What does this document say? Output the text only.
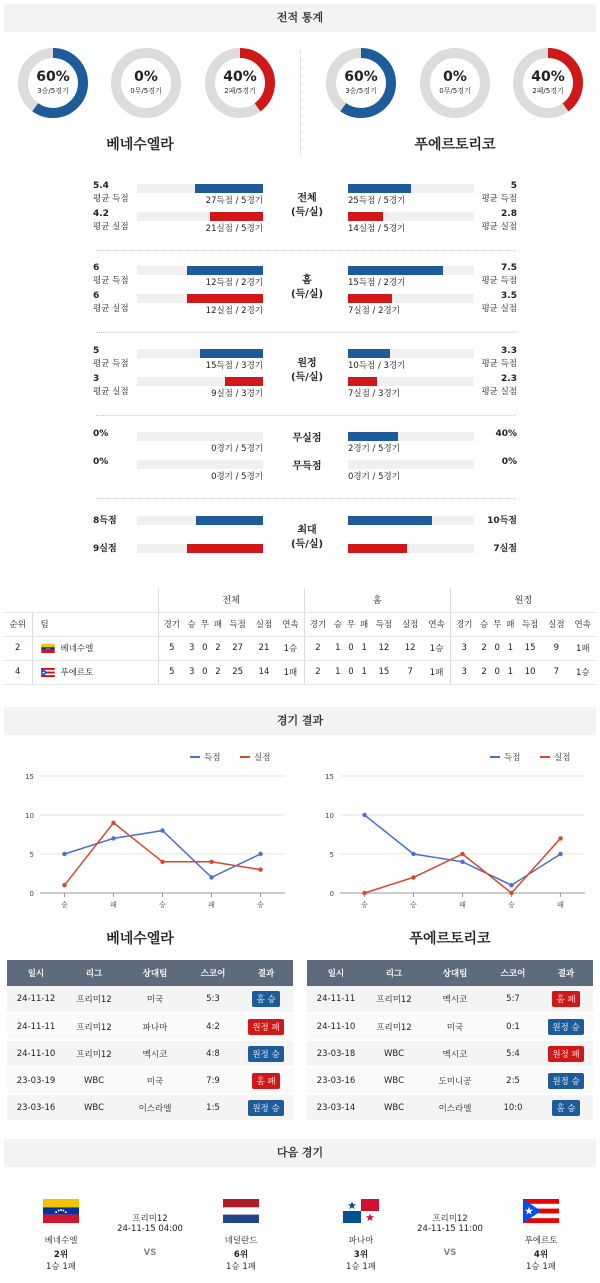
전적 통계
60%
3승/5경기
0%
0무/5경기
40%
2패/5경기
60%
3승/5경기
0%
0무/5경기
40%
2패/5경기
베네수엘라	푸에르토리코
5.4	5
평균 득점	평균 득점
27득점 / 5경기	25득점 / 5경기
4.2	2.8
평균 실점	평균 실점
21실점 / 5경기	14실점 / 5경기
전체
(득/실)
6	7.5
평균 득점	평균 득점
12득점 / 2경기	15득점 / 2경기
6	3.5
평균 실점	평균 실점
12실점 / 2경기	7실점 / 2경기
홈
(득/실)
5	3.3
평균 득점	평균 득점
15득점 / 3경기	10득점 / 3경기
3	2.3
평균 실점	평균 실점
9실점 / 3경기	7실점 / 3경기
원정
(득/실)
0%	40%
0경기 / 5경기	2경기 / 5경기
0%	0%
0경기 / 5경기	0경기 / 5경기
무실점
무득점
8득점	10득점
9실점	7실점
최대
(득/실)
		전체							홈							원정						
순위	팀	경기	승	무	패	득점	실점	연속	경기	승	무	패	득점	실점	연속	경기	승	무	패	득점	실점	연속
2	베네수엘	5	3	0	2	27	21	1승	2	1	0	1	12	12	1승	3	2	0	1	15	9	1패
4	푸에르토	5	3	0	2	25	14	1패	2	1	0	1	15	7	1패	3	2	0	1	10	7	1승
경기 결과
0
5
10
15
승	패	승	패	승
득점	실점
0
5
10
15
승	승	패	승	패
득점	실점
베네수엘라	푸에르토리코
일시	리그	상대팀	스코어	결과
24-11-12	프리미12	미국	5:3	홈 승
24-11-11	프리미12	파나마	4:2	원정 패
24-11-10	프리미12	멕시코	4:8	원정 승
23-03-19	WBC	미국	7:9	홈 패
23-03-16	WBC	이스라엘	1:5	원정 승
일시	리그	상대팀	스코어	결과
24-11-11	프리미12	멕시코	5:7	홈 패
24-11-10	프리미12	미국	0:1	원정 승
23-03-18	WBC	멕시코	5:4	원정 패
23-03-16	WBC	도미니공	2:5	원정 승
23-03-14	WBC	이스라엘	10:0	홈 승
다음 경기
베네수엘
2위
1승 1패
네덜란드
6위
1승 1패
프리미12
24-11-15 04:00
VS
파나마
3위
1승 1패
푸에르토
4위
1승 1패
프리미12
24-11-15 11:00
VS
